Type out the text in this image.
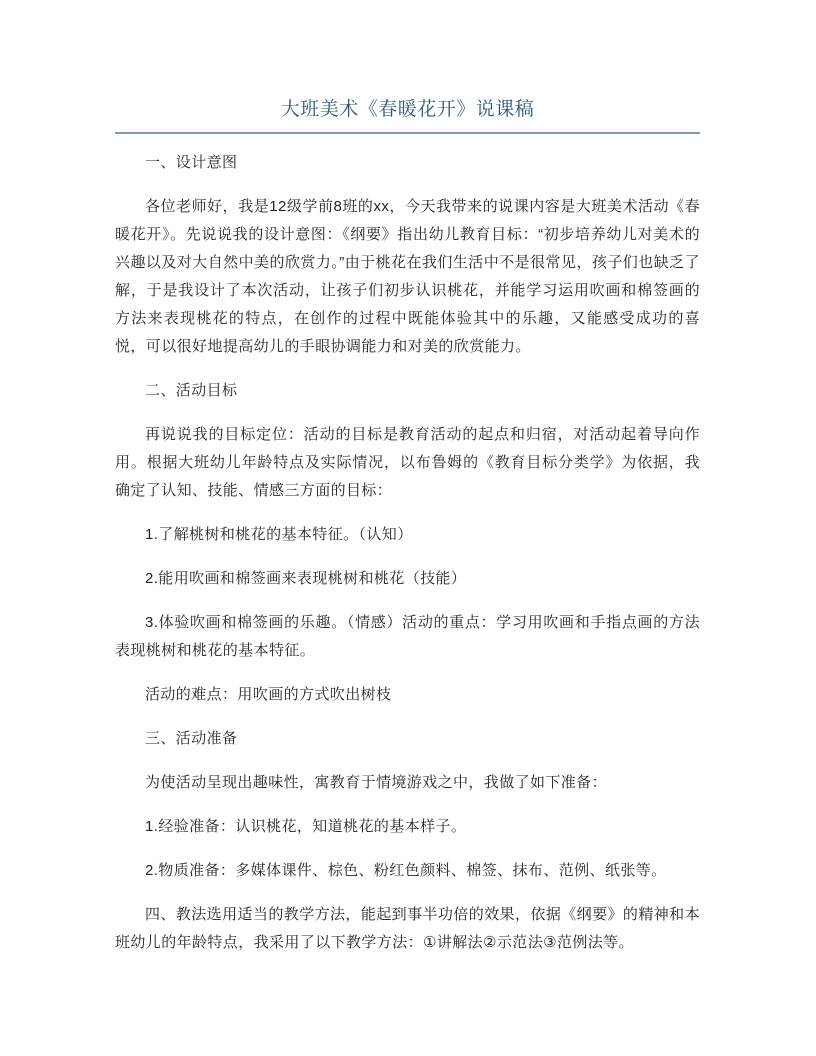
大班美术《春暖花开》说课稿

一、设计意图

各位老师好，我是12级学前8班的xx，今天我带来的说课内容是大班美术活动《春暖花开》。先说说我的设计意图：《纲要》指出幼儿教育目标：“初步培养幼儿对美术的兴趣以及对大自然中美的欣赏力。”由于桃花在我们生活中不是很常见，孩子们也缺乏了解，于是我设计了本次活动，让孩子们初步认识桃花，并能学习运用吹画和棉签画的方法来表现桃花的特点，在创作的过程中既能体验其中的乐趣，又能感受成功的喜悦，可以很好地提高幼儿的手眼协调能力和对美的欣赏能力。

二、活动目标

再说说我的目标定位：活动的目标是教育活动的起点和归宿，对活动起着导向作用。根据大班幼儿年龄特点及实际情况，以布鲁姆的《教育目标分类学》为依据，我确定了认知、技能、情感三方面的目标：

1.了解桃树和桃花的基本特征。（认知）

2.能用吹画和棉签画来表现桃树和桃花（技能）

3.体验吹画和棉签画的乐趣。（情感）活动的重点：学习用吹画和手指点画的方法表现桃树和桃花的基本特征。

活动的难点：用吹画的方式吹出树枝

三、活动准备

为使活动呈现出趣味性，寓教育于情境游戏之中，我做了如下准备：

1.经验准备：认识桃花，知道桃花的基本样子。

2.物质准备：多媒体课件、棕色、粉红色颜料、棉签、抹布、范例、纸张等。

四、教法选用适当的教学方法，能起到事半功倍的效果，依据《纲要》的精神和本班幼儿的年龄特点，我采用了以下教学方法：①讲解法②示范法③范例法等。
